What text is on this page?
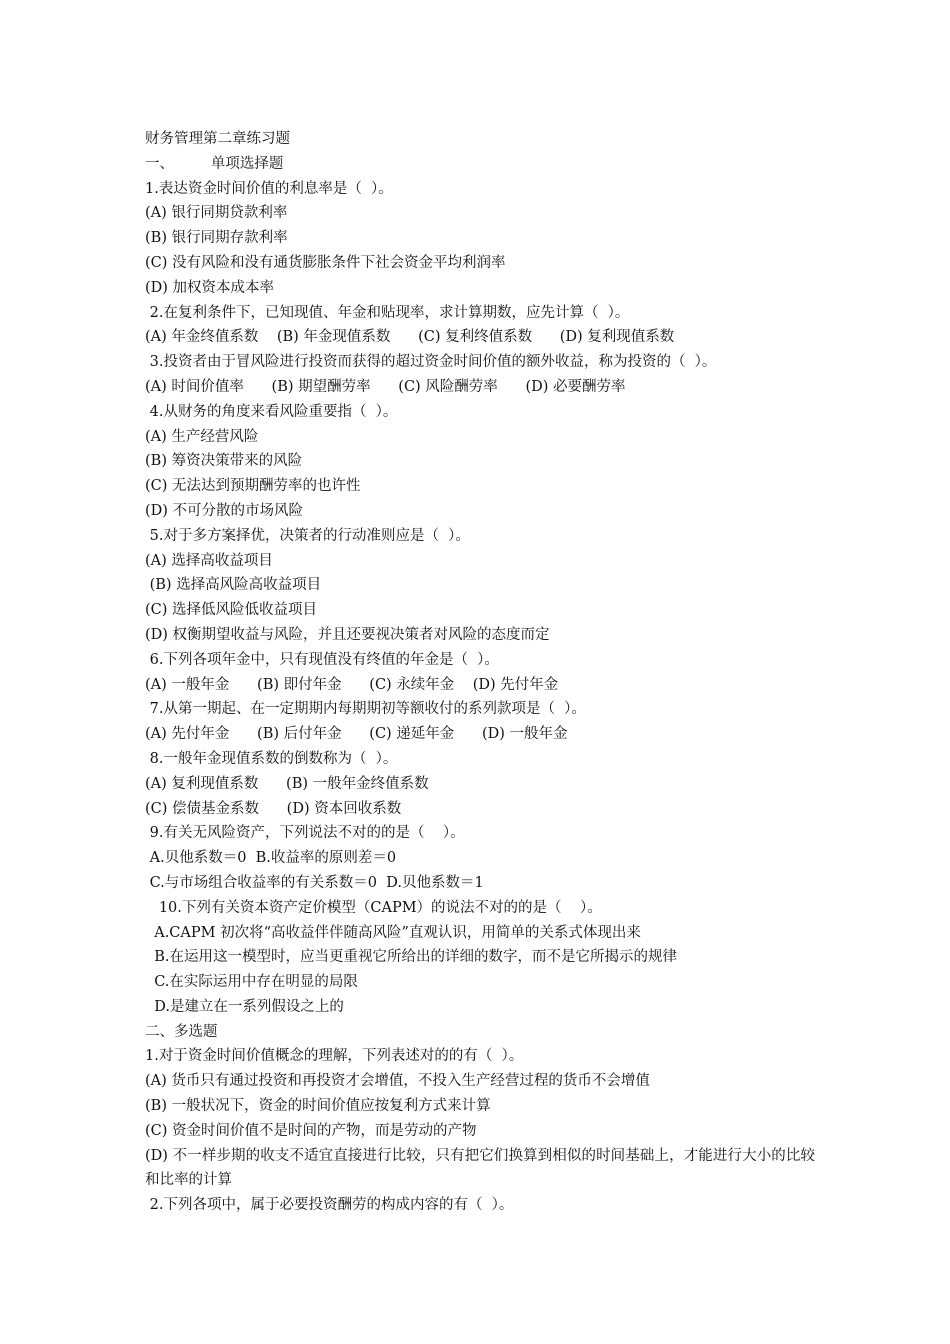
财务管理第二章练习题
一、        单项选择题
1.表达资金时间价值的利息率是（  ）。
(A) 银行同期贷款利率
(B) 银行同期存款利率
(C) 没有风险和没有通货膨胀条件下社会资金平均利润率
(D) 加权资本成本率
2.在复利条件下，已知现值、年金和贴现率，求计算期数，应先计算（  ）。
(A) 年金终值系数    (B) 年金现值系数      (C) 复利终值系数      (D) 复利现值系数
3.投资者由于冒风险进行投资而获得的超过资金时间价值的额外收益，称为投资的（  ）。
(A) 时间价值率      (B) 期望酬劳率      (C) 风险酬劳率      (D) 必要酬劳率
4.从财务的角度来看风险重要指（  ）。
(A) 生产经营风险
(B) 筹资决策带来的风险
(C) 无法达到预期酬劳率的也许性
(D) 不可分散的市场风险
5.对于多方案择优，决策者的行动准则应是（  ）。
(A) 选择高收益项目
(B) 选择高风险高收益项目
(C) 选择低风险低收益项目
(D) 权衡期望收益与风险，并且还要视决策者对风险的态度而定
6.下列各项年金中，只有现值没有终值的年金是（  ）。
(A) 一般年金      (B) 即付年金      (C) 永续年金    (D) 先付年金
7.从第一期起、在一定期期内每期期初等额收付的系列款项是（  ）。
(A) 先付年金      (B) 后付年金      (C) 递延年金      (D) 一般年金
8.一般年金现值系数的倒数称为（  ）。
(A) 复利现值系数      (B) 一般年金终值系数
(C) 偿债基金系数      (D) 资本回收系数
9.有关无风险资产，下列说法不对的的是（    ）。
A.贝他系数＝0  B.收益率的原则差＝0
C.与市场组合收益率的有关系数＝0  D.贝他系数＝1
10.下列有关资本资产定价模型（CAPM）的说法不对的的是（    ）。
A.CAPM 初次将“高收益伴伴随高风险”直观认识，用简单的关系式体现出来
B.在运用这一模型时，应当更重视它所给出的详细的数字，而不是它所揭示的规律
C.在实际运用中存在明显的局限
D.是建立在一系列假设之上的
二、多选题
1.对于资金时间价值概念的理解，下列表述对的的有（  ）。
(A) 货币只有通过投资和再投资才会增值，不投入生产经营过程的货币不会增值
(B) 一般状况下，资金的时间价值应按复利方式来计算
(C) 资金时间价值不是时间的产物，而是劳动的产物
(D) 不一样步期的收支不适宜直接进行比较，只有把它们换算到相似的时间基础上，才能进行大小的比较和比率的计算
2.下列各项中，属于必要投资酬劳的构成内容的有（  ）。
